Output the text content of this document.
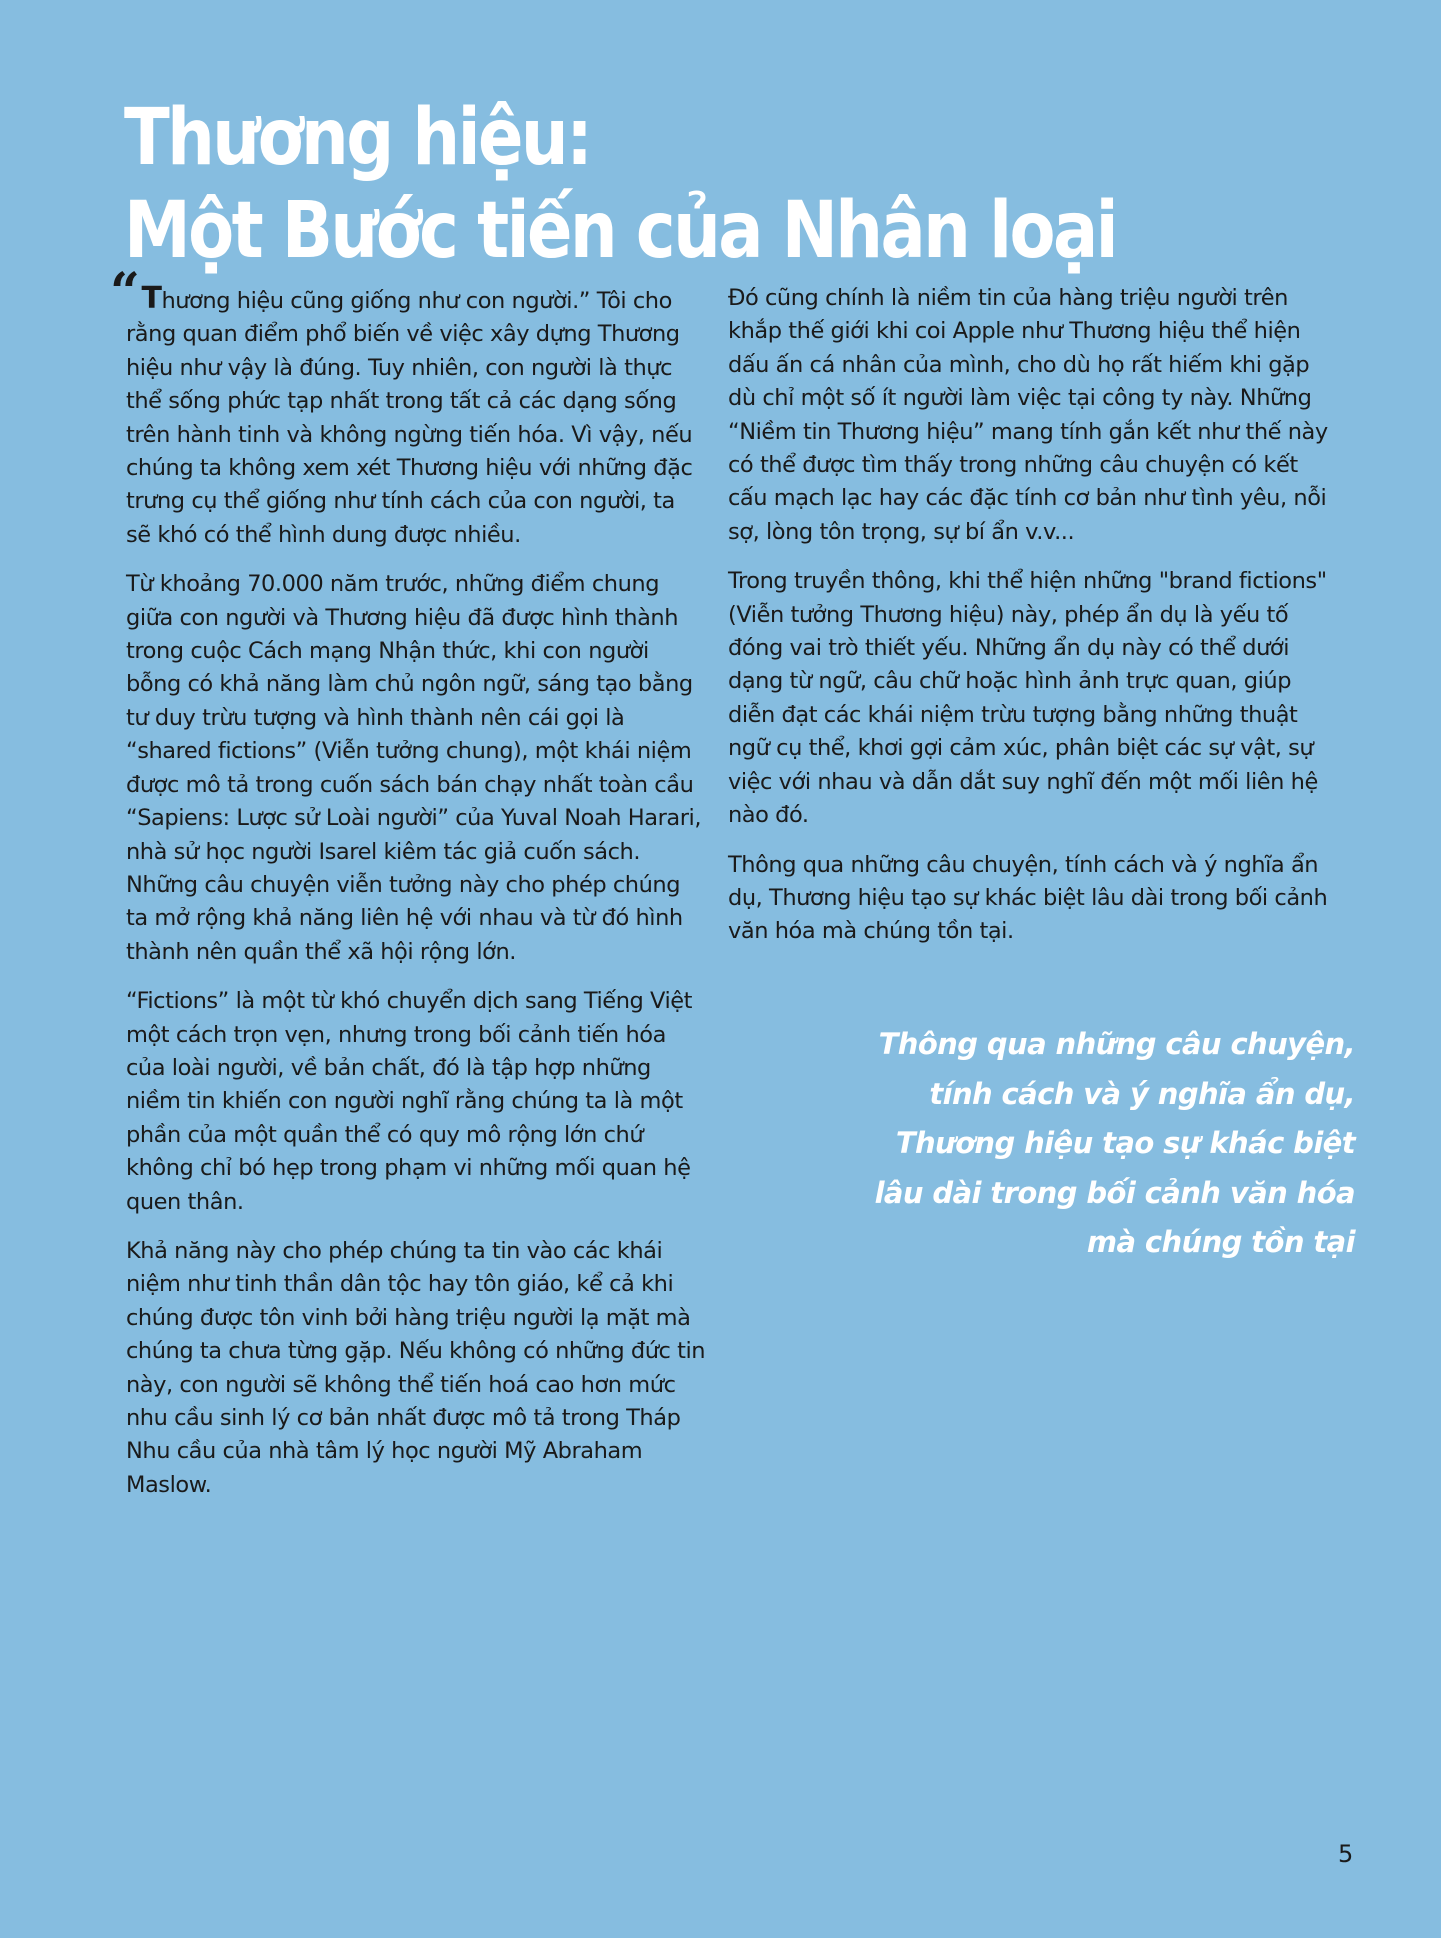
Thương hiệu:
Một Bước tiến của Nhân loại

“Thương hiệu cũng giống như con người.” Tôi cho rằng quan điểm phổ biến về việc xây dựng Thương hiệu như vậy là đúng. Tuy nhiên, con người là thực thể sống phức tạp nhất trong tất cả các dạng sống trên hành tinh và không ngừng tiến hóa. Vì vậy, nếu chúng ta không xem xét Thương hiệu với những đặc trưng cụ thể giống như tính cách của con người, ta sẽ khó có thể hình dung được nhiều.

Từ khoảng 70.000 năm trước, những điểm chung giữa con người và Thương hiệu đã được hình thành trong cuộc Cách mạng Nhận thức, khi con người bỗng có khả năng làm chủ ngôn ngữ, sáng tạo bằng tư duy trừu tượng và hình thành nên cái gọi là “shared fictions” (Viễn tưởng chung), một khái niệm được mô tả trong cuốn sách bán chạy nhất toàn cầu “Sapiens: Lược sử Loài người” của Yuval Noah Harari, nhà sử học người Isarel kiêm tác giả cuốn sách. Những câu chuyện viễn tưởng này cho phép chúng ta mở rộng khả năng liên hệ với nhau và từ đó hình thành nên quần thể xã hội rộng lớn.

“Fictions” là một từ khó chuyển dịch sang Tiếng Việt một cách trọn vẹn, nhưng trong bối cảnh tiến hóa của loài người, về bản chất, đó là tập hợp những niềm tin khiến con người nghĩ rằng chúng ta là một phần của một quần thể có quy mô rộng lớn chứ không chỉ bó hẹp trong phạm vi những mối quan hệ quen thân.

Khả năng này cho phép chúng ta tin vào các khái niệm như tinh thần dân tộc hay tôn giáo, kể cả khi chúng được tôn vinh bởi hàng triệu người lạ mặt mà chúng ta chưa từng gặp. Nếu không có những đức tin này, con người sẽ không thể tiến hoá cao hơn mức nhu cầu sinh lý cơ bản nhất được mô tả trong Tháp Nhu cầu của nhà tâm lý học người Mỹ Abraham Maslow.

Đó cũng chính là niềm tin của hàng triệu người trên khắp thế giới khi coi Apple như Thương hiệu thể hiện dấu ấn cá nhân của mình, cho dù họ rất hiếm khi gặp dù chỉ một số ít người làm việc tại công ty này. Những “Niềm tin Thương hiệu” mang tính gắn kết như thế này có thể được tìm thấy trong những câu chuyện có kết cấu mạch lạc hay các đặc tính cơ bản như tình yêu, nỗi sợ, lòng tôn trọng, sự bí ẩn v.v...

Trong truyền thông, khi thể hiện những "brand fictions" (Viễn tưởng Thương hiệu) này, phép ẩn dụ là yếu tố đóng vai trò thiết yếu. Những ẩn dụ này có thể dưới dạng từ ngữ, câu chữ hoặc hình ảnh trực quan, giúp diễn đạt các khái niệm trừu tượng bằng những thuật ngữ cụ thể, khơi gợi cảm xúc, phân biệt các sự vật, sự việc với nhau và dẫn dắt suy nghĩ đến một mối liên hệ nào đó.

Thông qua những câu chuyện, tính cách và ý nghĩa ẩn dụ, Thương hiệu tạo sự khác biệt lâu dài trong bối cảnh văn hóa mà chúng tồn tại.

Thông qua những câu chuyện,
tính cách và ý nghĩa ẩn dụ,
Thương hiệu tạo sự khác biệt
lâu dài trong bối cảnh văn hóa
mà chúng tồn tại
5
